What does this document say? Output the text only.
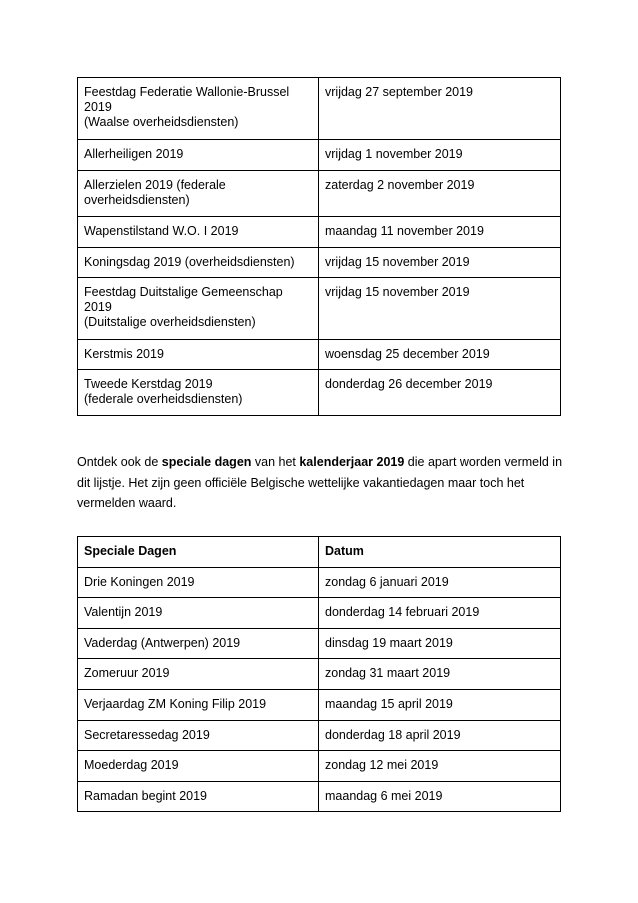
Feestdag Federatie Wallonie-Brussel
2019
(Waalse overheidsdiensten)	vrijdag 27 september 2019
Allerheiligen 2019	vrijdag 1 november 2019
Allerzielen 2019 (federale
overheidsdiensten)	zaterdag 2 november 2019
Wapenstilstand W.O. I 2019	maandag 11 november 2019
Koningsdag 2019 (overheidsdiensten)	vrijdag 15 november 2019
Feestdag Duitstalige Gemeenschap
2019
(Duitstalige overheidsdiensten)	vrijdag 15 november 2019
Kerstmis 2019	woensdag 25 december 2019
Tweede Kerstdag 2019
(federale overheidsdiensten)	donderdag 26 december 2019

Ontdek ook de speciale dagen van het kalenderjaar 2019 die apart worden vermeld in dit lijstje. Het zijn geen officiële Belgische wettelijke vakantiedagen maar toch het vermelden waard.

Speciale Dagen	Datum
Drie Koningen 2019	zondag 6 januari 2019
Valentijn 2019	donderdag 14 februari 2019
Vaderdag (Antwerpen) 2019	dinsdag 19 maart 2019
Zomeruur 2019	zondag 31 maart 2019
Verjaardag ZM Koning Filip 2019	maandag 15 april 2019
Secretaressedag 2019	donderdag 18 april 2019
Moederdag 2019	zondag 12 mei 2019
Ramadan begint 2019	maandag 6 mei 2019
